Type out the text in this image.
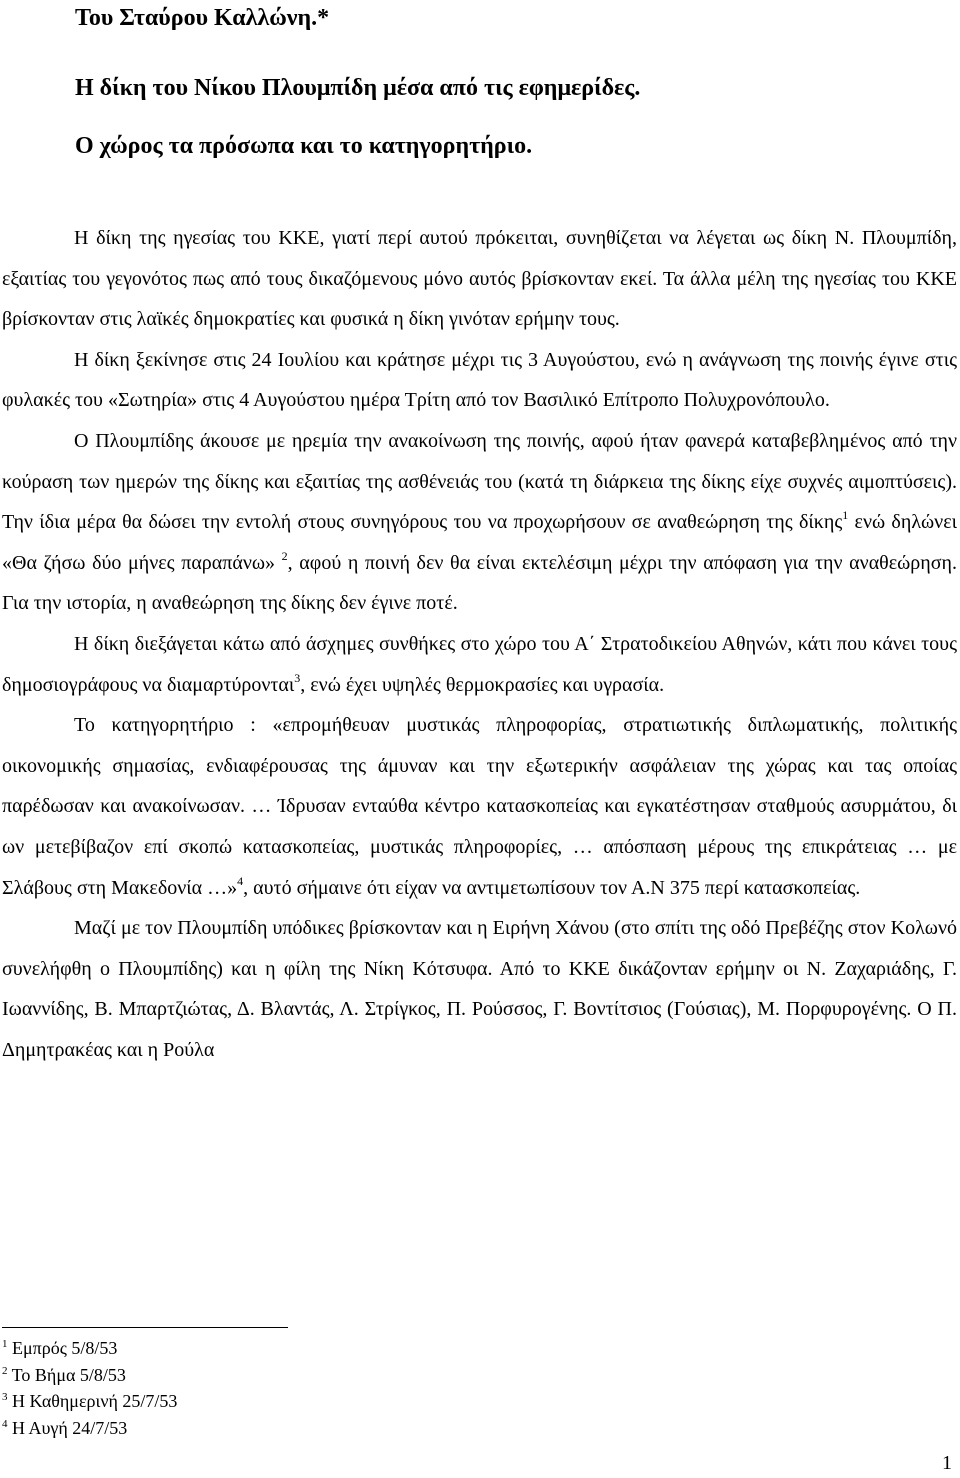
Του Σταύρου Καλλώνη.*
Η δίκη του Νίκου Πλουμπίδη μέσα από τις εφημερίδες.
Ο χώρος τα πρόσωπα και το κατηγορητήριο.

Η δίκη της ηγεσίας του ΚΚΕ, γιατί περί αυτού πρόκειται, συνηθίζεται να λέγεται ως δίκη Ν. Πλουμπίδη, εξαιτίας του γεγονότος πως από τους δικαζόμενους μόνο αυτός βρίσκονταν εκεί. Τα άλλα μέλη της ηγεσίας του ΚΚΕ βρίσκονταν στις λαϊκές δημοκρατίες και φυσικά η δίκη γινόταν ερήμην τους.

Η δίκη ξεκίνησε στις 24 Ιουλίου και κράτησε μέχρι τις 3 Αυγούστου, ενώ η ανάγνωση της ποινής έγινε στις φυλακές του «Σωτηρία» στις 4 Αυγούστου ημέρα Τρίτη από τον Βασιλικό Επίτροπο Πολυχρονόπουλο.

Ο Πλουμπίδης άκουσε με ηρεμία την ανακοίνωση της ποινής, αφού ήταν φανερά καταβεβλημένος από την κούραση των ημερών της δίκης και εξαιτίας της ασθένειάς του (κατά τη διάρκεια της δίκης είχε συχνές αιμοπτύσεις). Την ίδια μέρα θα δώσει την εντολή στους συνηγόρους του να προχωρήσουν σε αναθεώρηση της δίκης$^1$ ενώ δηλώνει «Θα ζήσω δύο μήνες παραπάνω» $^2$, αφού η ποινή δεν θα είναι εκτελέσιμη μέχρι την απόφαση για την αναθεώρηση. Για την ιστορία, η αναθεώρηση της δίκης δεν έγινε ποτέ.

Η δίκη διεξάγεται κάτω από άσχημες συνθήκες στο χώρο του Α΄ Στρατοδικείου Αθηνών, κάτι που κάνει τους δημοσιογράφους να διαμαρτύρονται$^3$, ενώ έχει υψηλές θερμοκρασίες και υγρασία.

Το κατηγορητήριο : «επρομήθευαν μυστικάς πληροφορίας, στρατιωτικής διπλωματικής, πολιτικής οικονομικής σημασίας, ενδιαφέρουσας της άμυναν και την εξωτερικήν ασφάλειαν της χώρας και τας οποίας παρέδωσαν και ανακοίνωσαν. … Ίδρυσαν ενταύθα κέντρο κατασκοπείας και εγκατέστησαν σταθμούς ασυρμάτου, δι ων μετεβίβαζον επί σκοπώ κατασκοπείας, μυστικάς πληροφορίες, … απόσπαση μέρους της επικράτειας … με Σλάβους στη Μακεδονία …»$^4$, αυτό σήμαινε ότι είχαν να αντιμετωπίσουν τον Α.Ν 375 περί κατασκοπείας.

Μαζί με τον Πλουμπίδη υπόδικες βρίσκονταν και η Ειρήνη Χάνου (στο σπίτι της οδό Πρεβέζης στον Κολωνό συνελήφθη ο Πλουμπίδης) και η φίλη της Νίκη Κότσυφα. Από το ΚΚΕ δικάζονταν ερήμην οι Ν. Ζαχαριάδης, Γ. Ιωαννίδης, Β. Μπαρτζιώτας, Δ. Βλαντάς, Λ. Στρίγκος, Π. Ρούσσος, Γ. Βοντίτσιος (Γούσιας), Μ. Πορφυρογένης. Ο Π. Δημητρακέας και η Ρούλα

$^1$ Εμπρός 5/8/53
$^2$ Το Βήμα 5/8/53
$^3$ Η Καθημερινή 25/7/53
$^4$ Η Αυγή 24/7/53
1
